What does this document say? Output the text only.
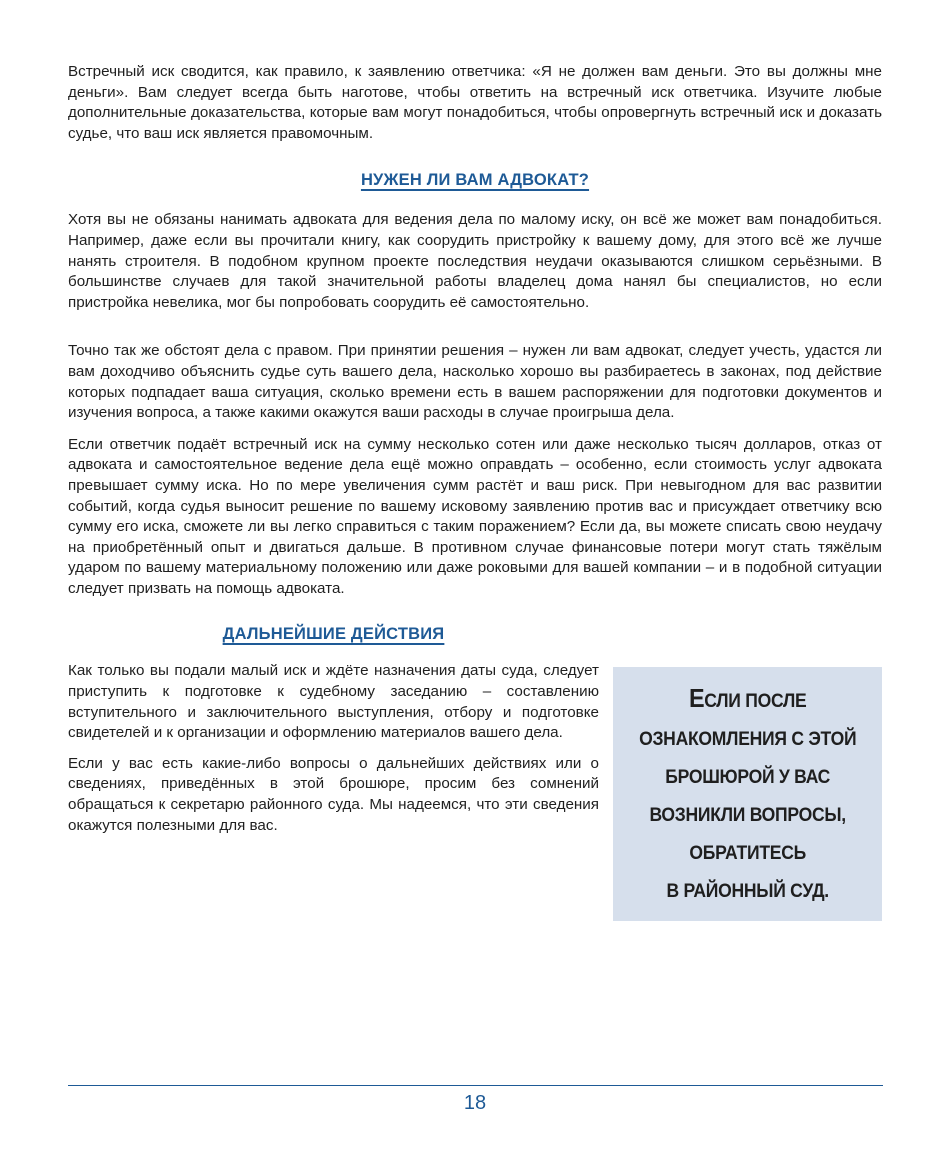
Встречный иск сводится, как правило, к заявлению ответчика: «Я не должен вам деньги. Это вы должны мне деньги». Вам следует всегда быть наготове, чтобы ответить на встречный иск ответчика. Изучите любые дополнительные доказательства, которые вам могут понадобиться, чтобы опровергнуть встречный иск и доказать судье, что ваш иск является правомочным.

НУЖЕН ЛИ ВАМ АДВОКАТ?

Хотя вы не обязаны нанимать адвоката для ведения дела по малому иску, он всё же может вам понадобиться. Например, даже если вы прочитали книгу, как соорудить пристройку к вашему дому, для этого всё же лучше нанять строителя. В подобном крупном проекте последствия неудачи оказываются слишком серьёзными. В большинстве случаев для такой значительной работы владелец дома нанял бы специалистов, но если пристройка невелика, мог бы попробовать соорудить её самостоятельно.

Точно так же обстоят дела с правом. При принятии решения – нужен ли вам адвокат, следует учесть, удастся ли вам доходчиво объяснить судье суть вашего дела, насколько хорошо вы разбираетесь в законах, под действие которых подпадает ваша ситуация, сколько времени есть в вашем распоряжении для подготовки документов и изучения вопроса, а также какими окажутся ваши расходы в случае проигрыша дела.

Если ответчик подаёт встречный иск на сумму несколько сотен или даже несколько тысяч долларов, отказ от адвоката и самостоятельное ведение дела ещё можно оправдать – особенно, если стоимость услуг адвоката превышает сумму иска. Но по мере увеличения сумм растёт и ваш риск. При невыгодном для вас развитии событий, когда судья выносит решение по вашему исковому заявлению против вас и присуждает ответчику всю сумму его иска, сможете ли вы легко справиться с таким поражением? Если да, вы можете списать свою неудачу на приобретённый опыт и двигаться дальше. В противном случае финансовые потери могут стать тяжёлым ударом по вашему материальному положению или даже роковыми для вашей компании – и в подобной ситуации следует призвать на помощь адвоката.

ДАЛЬНЕЙШИЕ ДЕЙСТВИЯ

Как только вы подали малый иск и ждёте назначения даты суда, следует приступить к подготовке к судебному заседанию – составлению вступительного и заключительного выступления, отбору и подготовке свидетелей и к организации и оформлению материалов вашего дела.

Если у вас есть какие-либо вопросы о дальнейших действиях или о сведениях, приведённых в этой брошюре, просим без сомнений обращаться к секретарю районного суда. Мы надеемся, что эти сведения окажутся полезными для вас.

ЕСЛИ ПОСЛЕ
ОЗНАКОМЛЕНИЯ С ЭТОЙ
БРОШЮРОЙ У ВАС
ВОЗНИКЛИ ВОПРОСЫ,
ОБРАТИТЕСЬ
В РАЙОННЫЙ СУД.
18
